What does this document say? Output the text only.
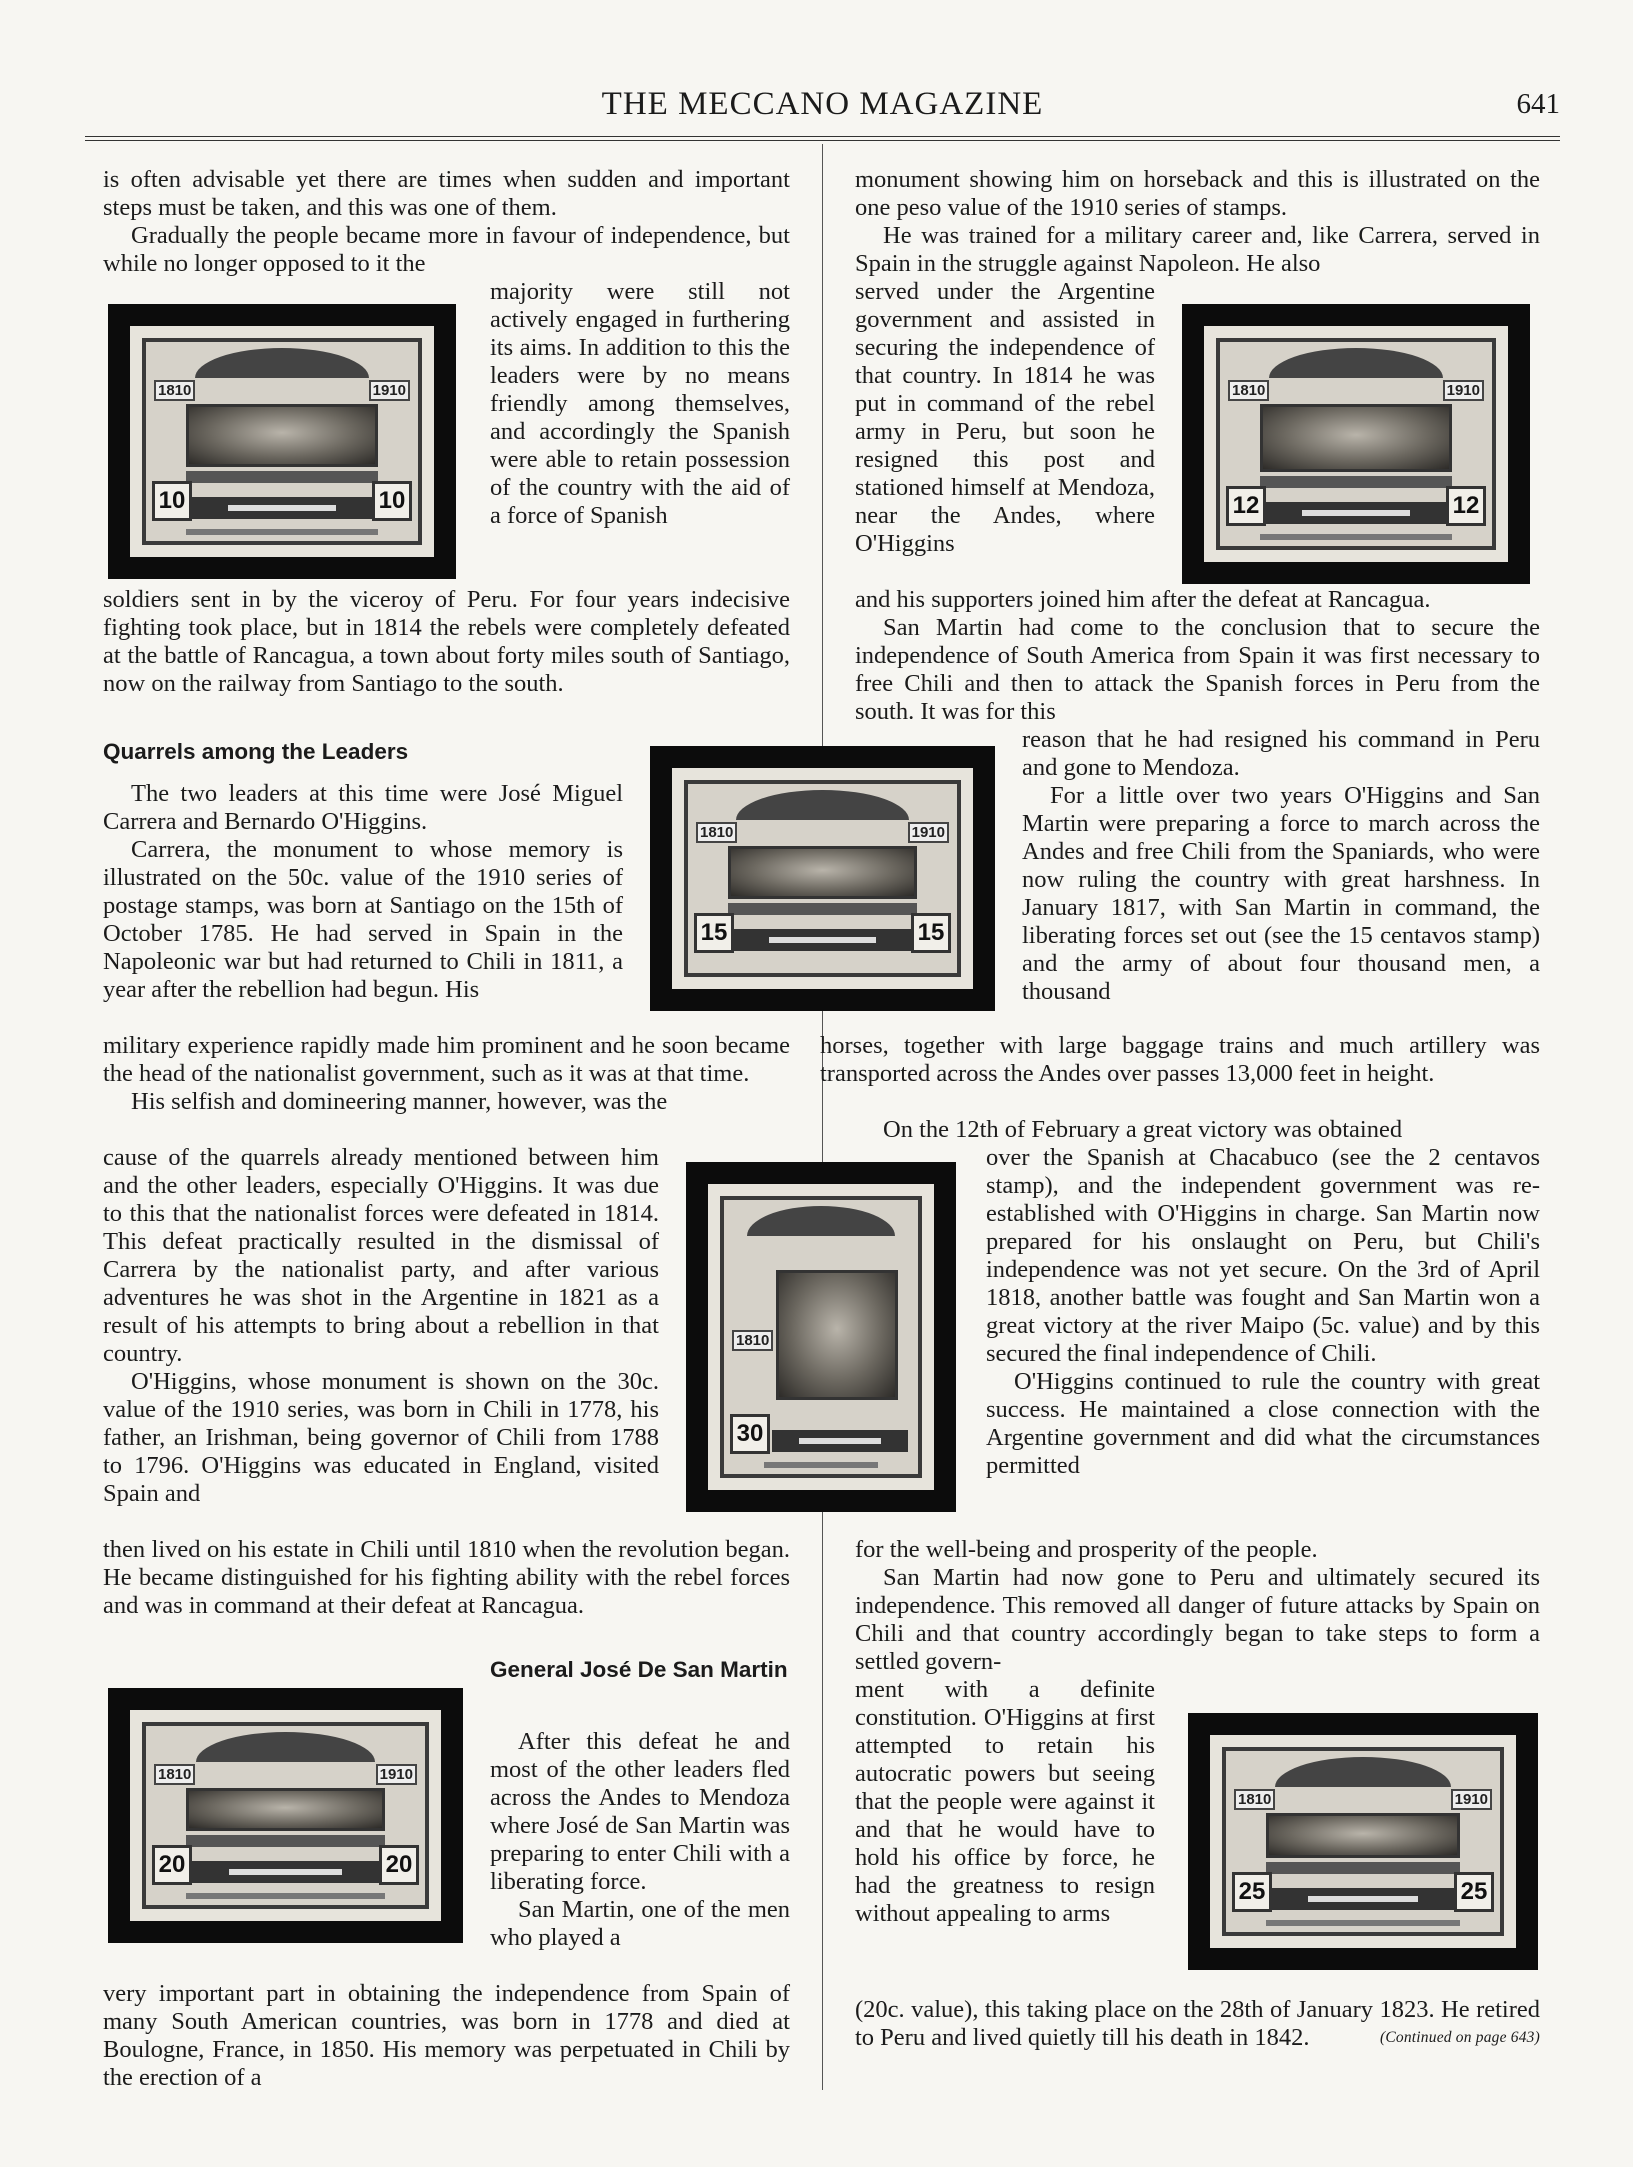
THE MECCANO MAGAZINE	641

is often advisable yet there are times when sudden and important steps must be taken, and this was one of them.

Gradually the people became more in favour of independence, but while no longer opposed to it the

majority were still not actively engaged in furthering its aims. In addition to this the leaders were by no means friendly among themselves, and accordingly the Spanish were able to retain possession of the country with the aid of a force of Spanish

soldiers sent in by the viceroy of Peru. For four years indecisive fighting took place, but in 1814 the rebels were completely defeated at the battle of Rancagua, a town about forty miles south of Santiago, now on the railway from Santiago to the south.

Quarrels among the Leaders

The two leaders at this time were José Miguel Carrera and Bernardo O'Higgins.

Carrera, the monument to whose memory is illustrated on the 50c. value of the 1910 series of postage stamps, was born at Santiago on the 15th of October 1785. He had served in Spain in the Napoleonic war but had returned to Chili in 1811, a year after the rebellion had begun. His

military experience rapidly made him prominent and he soon became the head of the nationalist government, such as it was at that time.

His selfish and domineering manner, however, was the

cause of the quarrels already mentioned between him and the other leaders, especially O'Higgins. It was due to this that the nationalist forces were defeated in 1814. This defeat practically resulted in the dismissal of Carrera by the nationalist party, and after various adventures he was shot in the Argentine in 1821 as a result of his attempts to bring about a rebellion in that country.

O'Higgins, whose monument is shown on the 30c. value of the 1910 series, was born in Chili in 1778, his father, an Irishman, being governor of Chili from 1788 to 1796. O'Higgins was educated in England, visited Spain and

then lived on his estate in Chili until 1810 when the revolution began. He became distinguished for his fighting ability with the rebel forces and was in command at their defeat at Rancagua.

General José De San Martin

After this defeat he and most of the other leaders fled across the Andes to Mendoza where José de San Martin was preparing to enter Chili with a liberating force.

San Martin, one of the men who played a

very important part in obtaining the independence from Spain of many South American countries, was born in 1778 and died at Boulogne, France, in 1850. His memory was perpetuated in Chili by the erection of a

monument showing him on horseback and this is illustrated on the one peso value of the 1910 series of stamps.

He was trained for a military career and, like Carrera, served in Spain in the struggle against Napoleon. He also

served under the Argentine government and assisted in securing the independence of that country. In 1814 he was put in command of the rebel army in Peru, but soon he resigned this post and stationed himself at Mendoza, near the Andes, where O'Higgins

and his supporters joined him after the defeat at Rancagua.

San Martin had come to the conclusion that to secure the independence of South America from Spain it was first necessary to free Chili and then to attack the Spanish forces in Peru from the south. It was for this

reason that he had resigned his command in Peru and gone to Mendoza.

For a little over two years O'Higgins and San Martin were preparing a force to march across the Andes and free Chili from the Spaniards, who were now ruling the country with great harshness. In January 1817, with San Martin in command, the liberating forces set out (see the 15 centavos stamp) and the army of about four thousand men, a thousand

horses, together with large baggage trains and much artillery was transported across the Andes over passes 13,000 feet in height.

On the 12th of February a great victory was obtained

over the Spanish at Chacabuco (see the 2 centavos stamp), and the independent government was re-established with O'Higgins in charge. San Martin now prepared for his onslaught on Peru, but Chili's independence was not yet secure. On the 3rd of April 1818, another battle was fought and San Martin won a great victory at the river Maipo (5c. value) and by this secured the final independence of Chili.

O'Higgins continued to rule the country with great success. He maintained a close connection with the Argentine government and did what the circumstances permitted

for the well-being and prosperity of the people.

San Martin had now gone to Peru and ultimately secured its independence. This removed all danger of future attacks by Spain on Chili and that country accordingly began to take steps to form a settled govern-

ment with a definite constitution. O'Higgins at first attempted to retain his autocratic powers but seeing that the people were against it and that he would have to hold his office by force, he had the greatness to resign without appealing to arms

(20c. value), this taking place on the 28th of January 1823. He retired to Peru and lived quietly till his death in 1842.	(Continued on page 643)

1810	1910
10	10
1810	1910
12	12
1810	1910
15	15
1810
30
1810	1910
20	20
1810	1910
25	25
